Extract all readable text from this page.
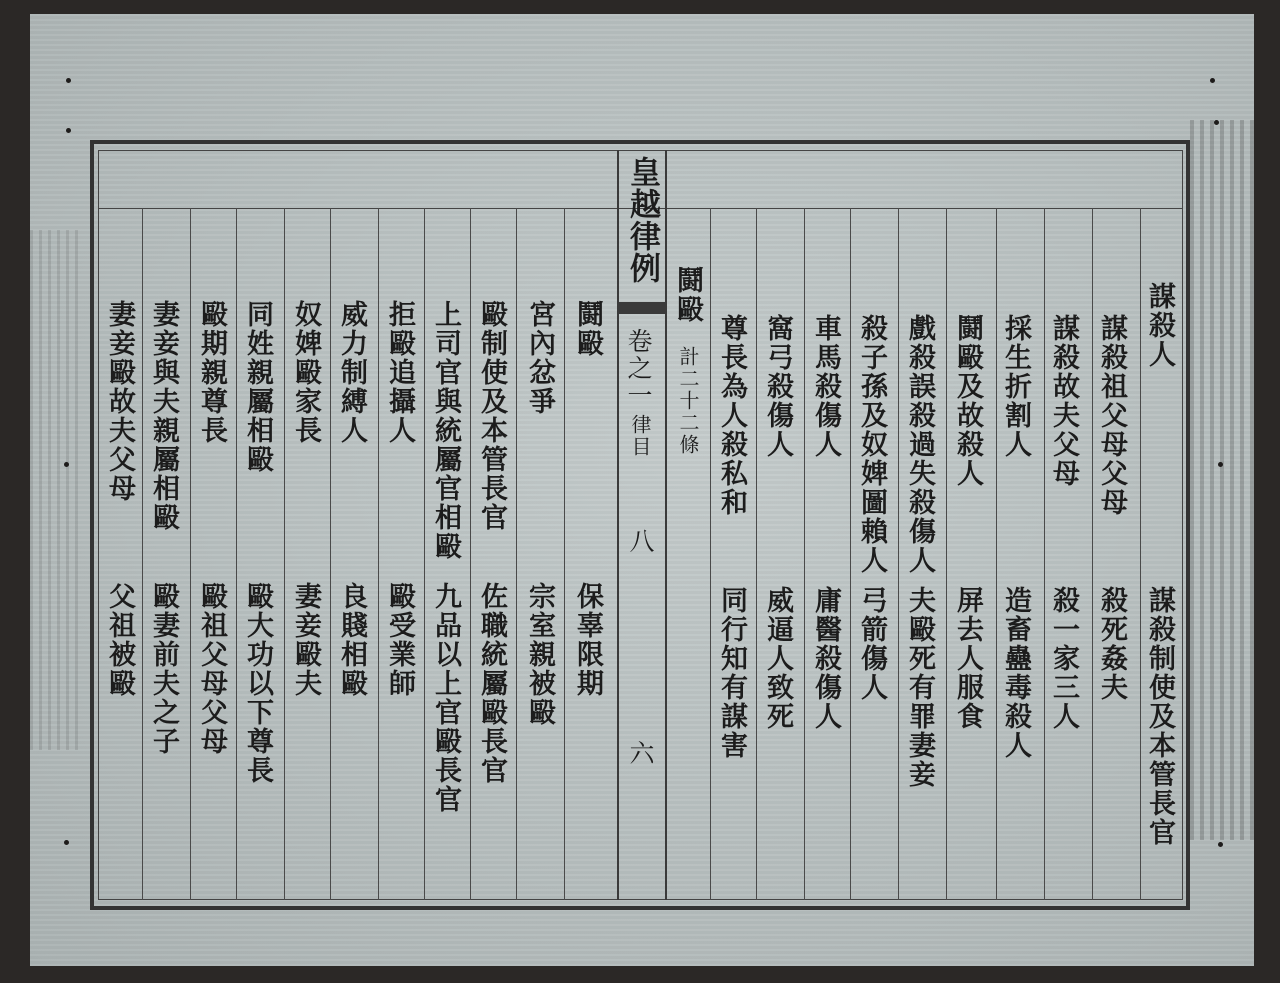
皇越律例
卷之一
律目
八
六
謀殺人
謀殺祖父母父母
殺死姦夫 謀殺制使及本管長官
謀殺故夫父母
殺一家三人
採生折割人
造畜蠱毒殺人
鬪毆及故殺人
屏去人服食
戲殺誤殺過失殺傷人
夫毆死有罪妻妾
殺子孫及奴婢圖賴人
弓箭傷人
車馬殺傷人
庸醫殺傷人
窩弓殺傷人
威逼人致死
尊長為人殺私和
同行知有謀害
鬪毆
計二十二條
鬪毆
保辜限期
宮內忿爭
宗室親被毆
毆制使及本管長官
佐職統屬毆長官
上司官與統屬官相毆
九品以上官毆長官
拒毆追攝人
毆受業師
威力制縛人
良賤相毆
奴婢毆家長
妻妾毆夫
同姓親屬相毆
毆大功以下尊長
毆期親尊長
毆祖父母父母
妻妾與夫親屬相毆
毆妻前夫之子
妻妾毆故夫父母
父祖被毆
